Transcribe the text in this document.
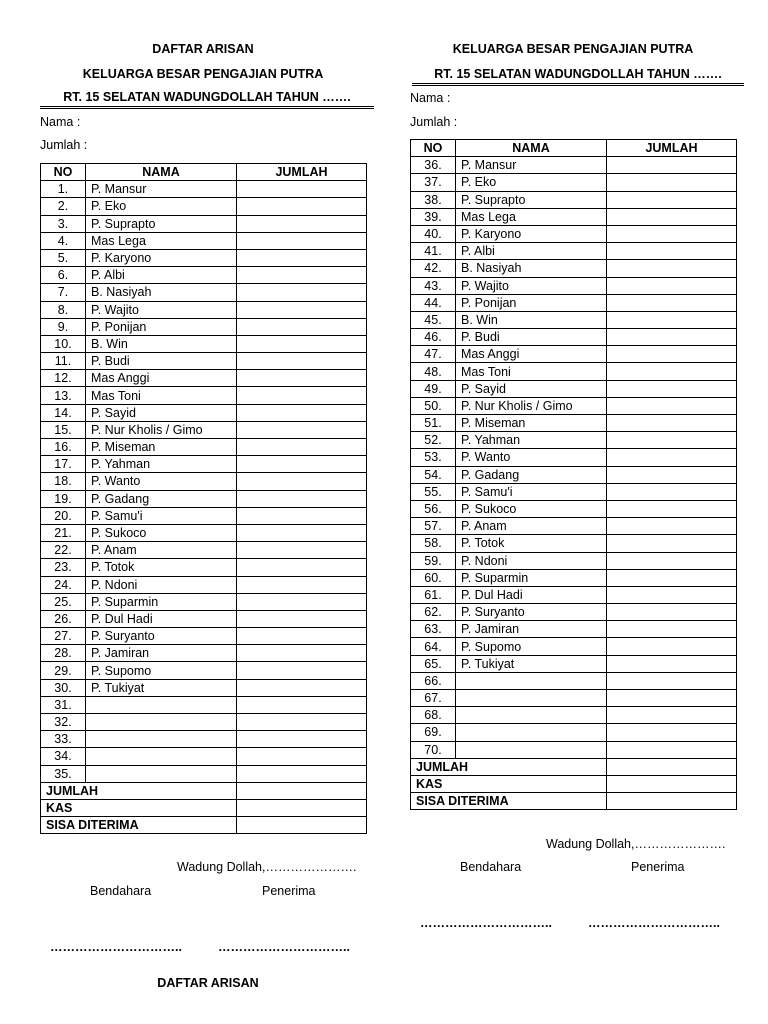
DAFTAR ARISAN
KELUARGA BESAR PENGAJIAN PUTRA
RT. 15 SELATAN WADUNGDOLLAH TAHUN …….
Nama :
Jumlah :
NO	NAMA	JUMLAH
1.	P. Mansur	
2.	P. Eko	
3.	P. Suprapto	
4.	Mas Lega	
5.	P. Karyono	
6.	P. Albi	
7.	B. Nasiyah	
8.	P. Wajito	
9.	P. Ponijan	
10.	B. Win	
11.	P. Budi	
12.	Mas Anggi	
13.	Mas Toni	
14.	P. Sayid	
15.	P. Nur Kholis / Gimo	
16.	P. Miseman	
17.	P. Yahman	
18.	P. Wanto	
19.	P. Gadang	
20.	P. Samu'i	
21.	P. Sukoco	
22.	P. Anam	
23.	P. Totok	
24.	P. Ndoni	
25.	P. Suparmin	
26.	P. Dul Hadi	
27.	P. Suryanto	
28.	P. Jamiran	
29.	P. Supomo	
30.	P. Tukiyat	
31.		
32.		
33.		
34.		
35.		
JUMLAH		
KAS		
SISA DITERIMA		
Wadung Dollah,………………….
Bendahara	Penerima
…………………………..	…………………………..
DAFTAR ARISAN
KELUARGA BESAR PENGAJIAN PUTRA
RT. 15 SELATAN WADUNGDOLLAH TAHUN …….
Nama :
Jumlah :
NO	NAMA	JUMLAH
36.	P. Mansur	
37.	P. Eko	
38.	P. Suprapto	
39.	Mas Lega	
40.	P. Karyono	
41.	P. Albi	
42.	B. Nasiyah	
43.	P. Wajito	
44.	P. Ponijan	
45.	B. Win	
46.	P. Budi	
47.	Mas Anggi	
48.	Mas Toni	
49.	P. Sayid	
50.	P. Nur Kholis / Gimo	
51.	P. Miseman	
52.	P. Yahman	
53.	P. Wanto	
54.	P. Gadang	
55.	P. Samu'i	
56.	P. Sukoco	
57.	P. Anam	
58.	P. Totok	
59.	P. Ndoni	
60.	P. Suparmin	
61.	P. Dul Hadi	
62.	P. Suryanto	
63.	P. Jamiran	
64.	P. Supomo	
65.	P. Tukiyat	
66.		
67.		
68.		
69.		
70.		
JUMLAH		
KAS		
SISA DITERIMA		
Wadung Dollah,………………….
Bendahara	Penerima
…………………………..	…………………………..
